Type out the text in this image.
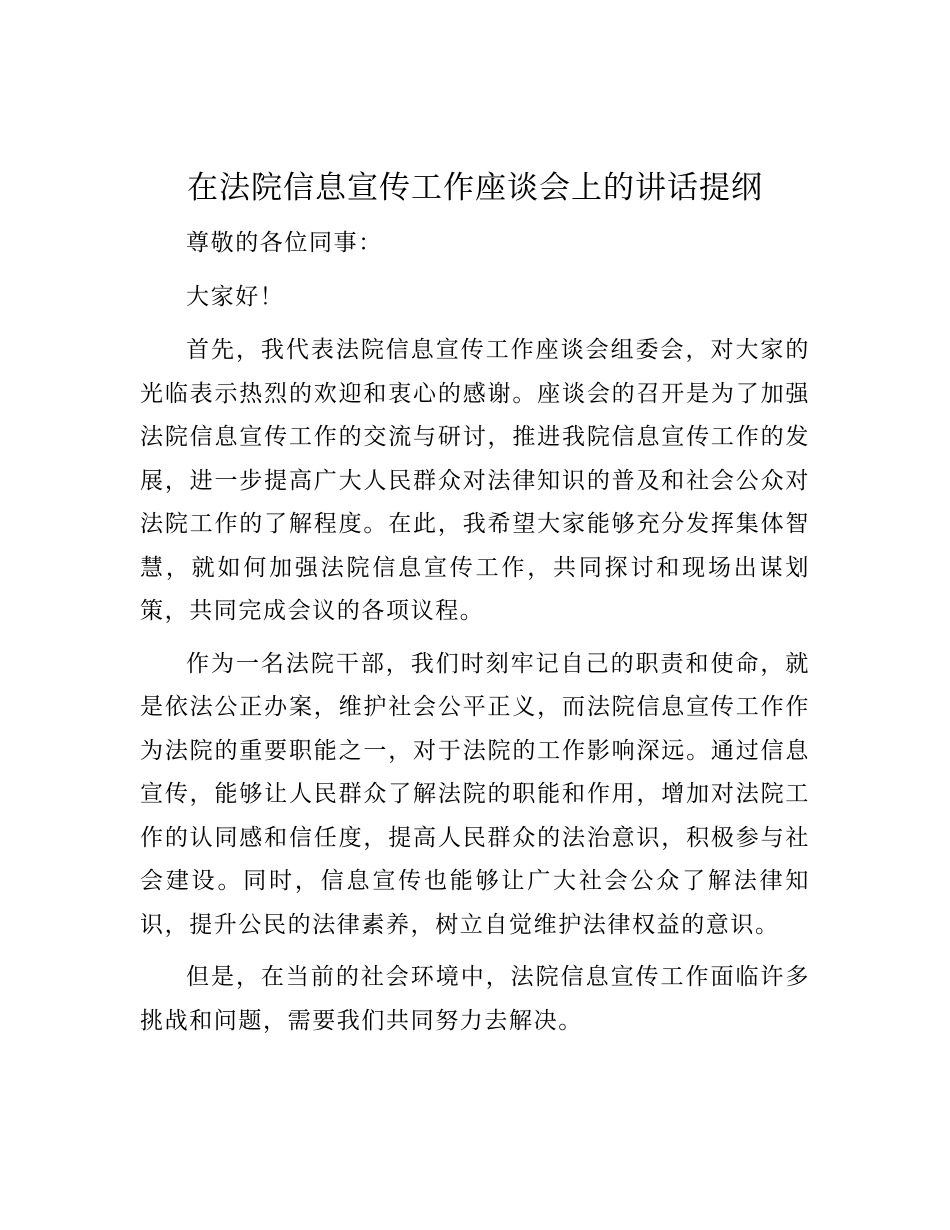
在法院信息宣传工作座谈会上的讲话提纲

尊敬的各位同事：

大家好！

首先，我代表法院信息宣传工作座谈会组委会，对大家的光临表示热烈的欢迎和衷心的感谢。座谈会的召开是为了加强法院信息宣传工作的交流与研讨，推进我院信息宣传工作的发展，进一步提高广大人民群众对法律知识的普及和社会公众对法院工作的了解程度。在此，我希望大家能够充分发挥集体智慧，就如何加强法院信息宣传工作，共同探讨和现场出谋划策，共同完成会议的各项议程。

作为一名法院干部，我们时刻牢记自己的职责和使命，就是依法公正办案，维护社会公平正义，而法院信息宣传工作作为法院的重要职能之一，对于法院的工作影响深远。通过信息宣传，能够让人民群众了解法院的职能和作用，增加对法院工作的认同感和信任度，提高人民群众的法治意识，积极参与社会建设。同时，信息宣传也能够让广大社会公众了解法律知识，提升公民的法律素养，树立自觉维护法律权益的意识。

但是，在当前的社会环境中，法院信息宣传工作面临许多挑战和问题，需要我们共同努力去解决。
